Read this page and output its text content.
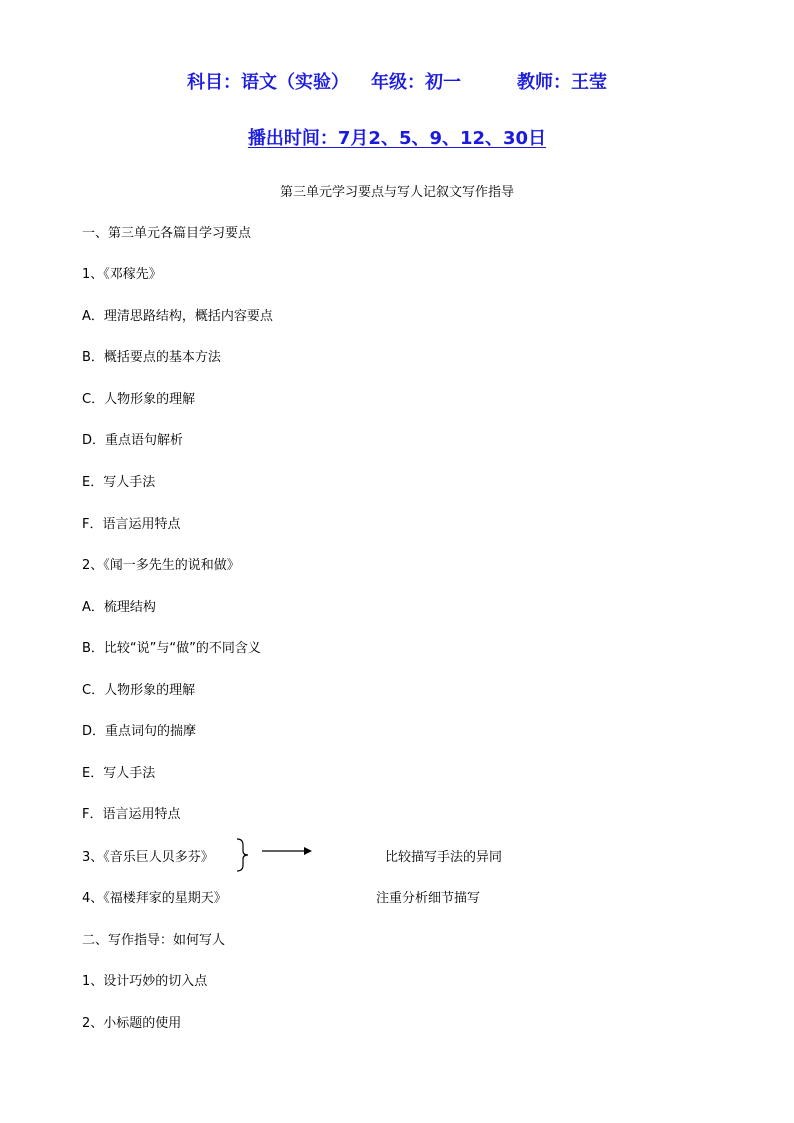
科目：语文（实验） 年级：初一	教师：王莹
播出时间：7月2、5、9、12、30日
第三单元学习要点与写人记叙文写作指导
一、第三单元各篇目学习要点
1、《邓稼先》
A．理清思路结构，概括内容要点
B．概括要点的基本方法
C．人物形象的理解
D．重点语句解析
E．写人手法
F．语言运用特点
2、《闻一多先生的说和做》
A．梳理结构
B．比较“说”与“做”的不同含义
C．人物形象的理解
D．重点词句的揣摩
E．写人手法
F．语言运用特点
3、《音乐巨人贝多芬》	比较描写手法的异同
4、《福楼拜家的星期天》	注重分析细节描写
二、写作指导：如何写人
1、设计巧妙的切入点
2、小标题的使用
